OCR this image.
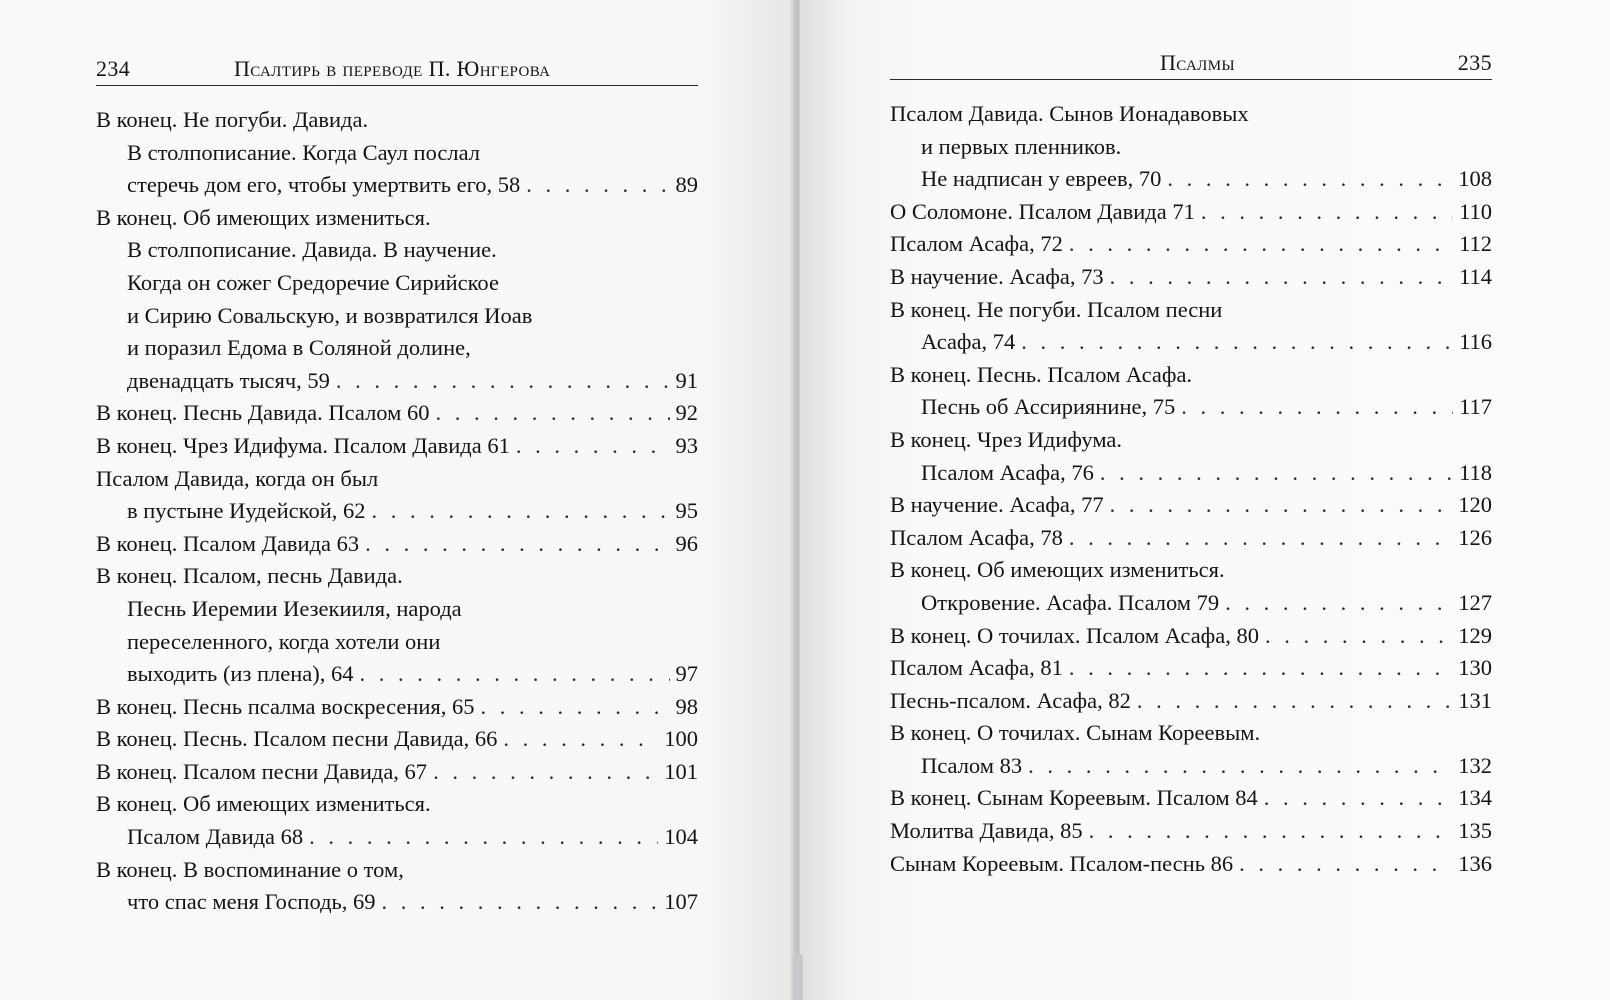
234	Псалтирь в переводе П. Юнгерова
В конец. Не погуби. Давида.
В столпописание. Когда Саул послал
стеречь дом его, чтобы умертвить его, 58 . . .	89
В конец. Об имеющих измениться.
В столпописание. Давида. В научение.
Когда он сожег Средоречие Сирийское
и Сирию Совальскую, и возвратился Иоав
и поразил Едома в Соляной долине,
двенадцать тысяч, 59 . . .	91
В конец. Песнь Давида. Псалом 60 . . .	92
В конец. Чрез Идифума. Псалом Давида 61 . . .	93
Псалом Давида, когда он был
в пустыне Иудейской, 62 . . .	95
В конец. Псалом Давида 63 . . .	96
В конец. Псалом, песнь Давида.
Песнь Иеремии Иезекииля, народа
переселенного, когда хотели они
выходить (из плена), 64 . . .	97
В конец. Песнь псалма воскресения, 65 . . .	98
В конец. Песнь. Псалом песни Давида, 66 . . .	100
В конец. Псалом песни Давида, 67 . . .	101
В конец. Об имеющих измениться.
Псалом Давида 68 . . .	104
В конец. В воспоминание о том,
что спас меня Господь, 69 . . .	107
Псалмы	235
Псалом Давида. Сынов Ионадавовых
и первых пленников.
Не надписан у евреев, 70 . . .	108
О Соломоне. Псалом Давида 71 . . .	110
Псалом Асафа, 72 . . .	112
В научение. Асафа, 73 . . .	114
В конец. Не погуби. Псалом песни
Асафа, 74 . . .	116
В конец. Песнь. Псалом Асафа.
Песнь об Ассириянине, 75 . . .	117
В конец. Чрез Идифума.
Псалом Асафа, 76 . . .	118
В научение. Асафа, 77 . . .	120
Псалом Асафа, 78 . . .	126
В конец. Об имеющих измениться.
Откровение. Асафа. Псалом 79 . . .	127
В конец. О точилах. Псалом Асафа, 80 . . .	129
Псалом Асафа, 81 . . .	130
Песнь-псалом. Асафа, 82 . . .	131
В конец. О точилах. Сынам Кореевым.
Псалом 83 . . .	132
В конец. Сынам Кореевым. Псалом 84 . . .	134
Молитва Давида, 85 . . .	135
Сынам Кореевым. Псалом-песнь 86 . . .	136
